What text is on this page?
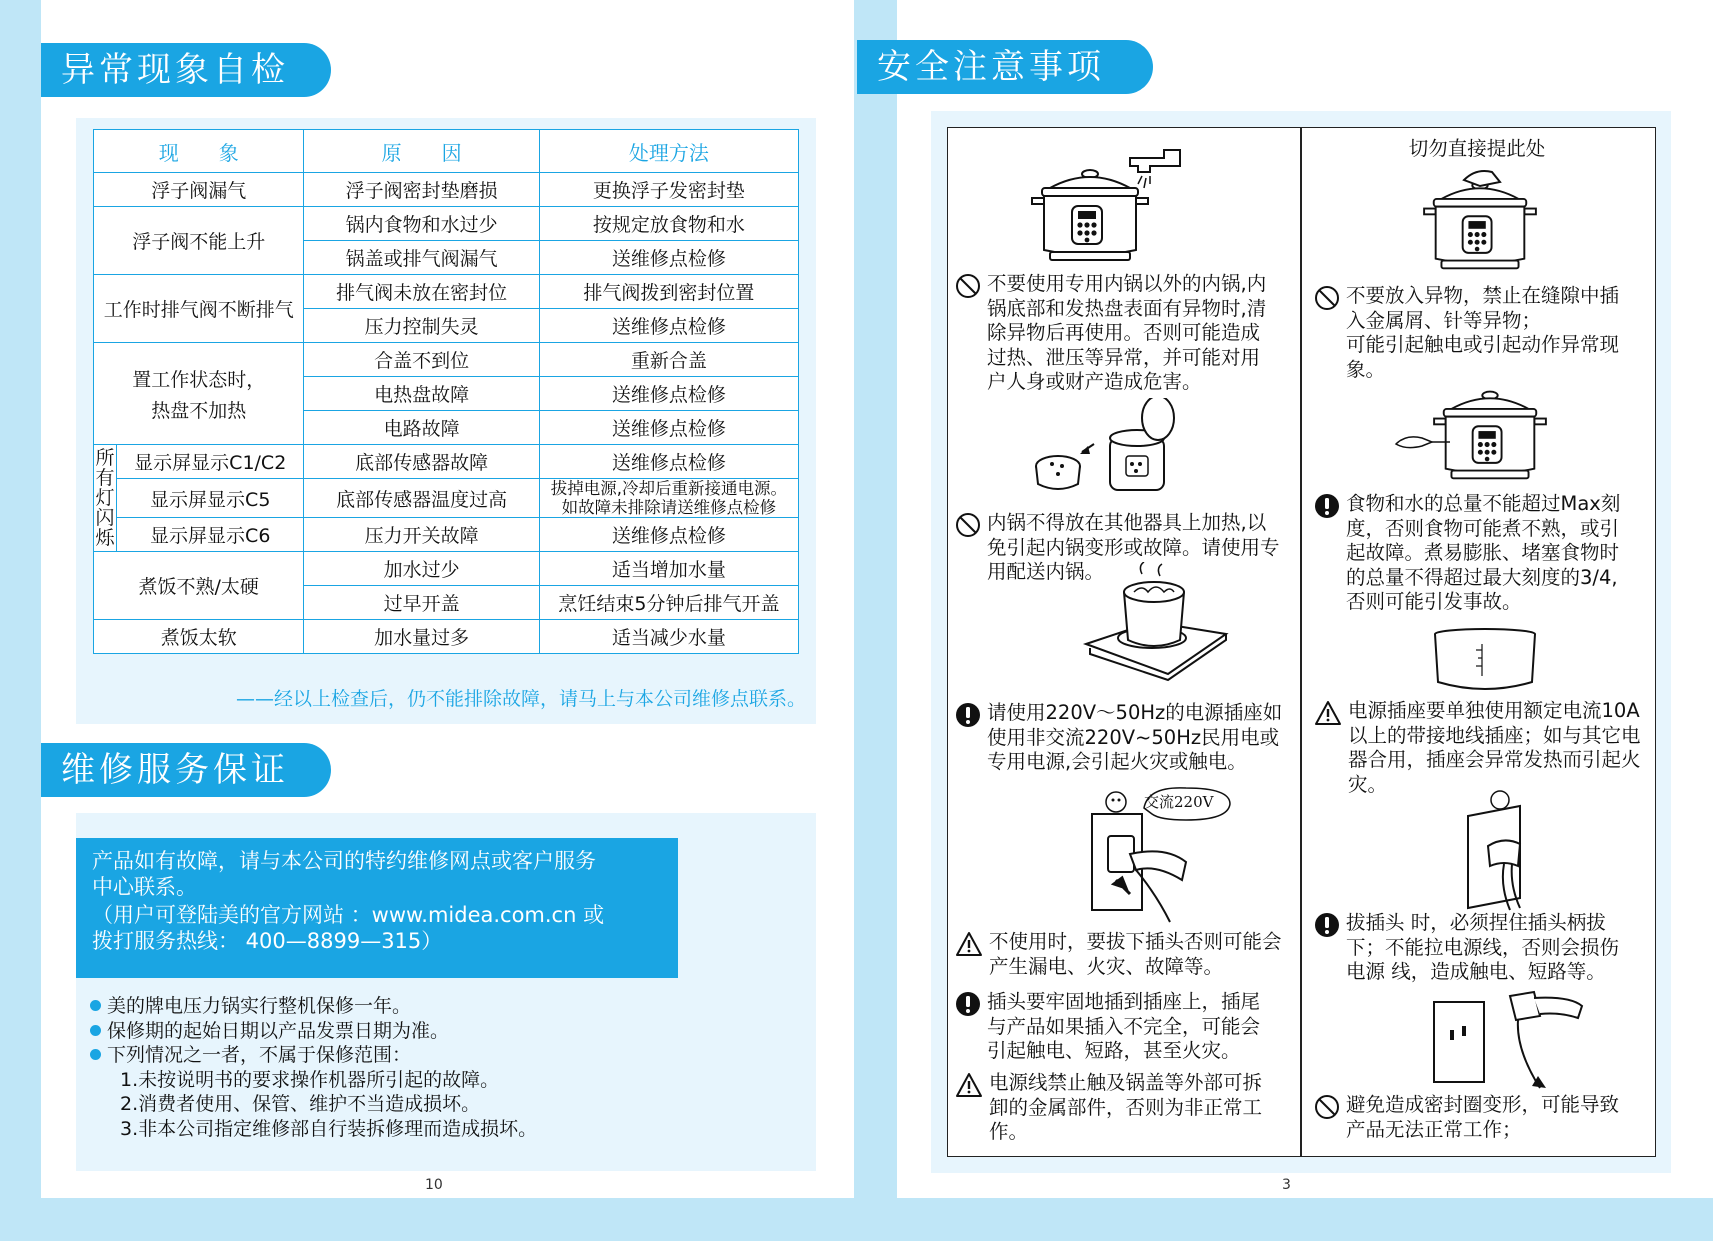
异常现象自检
现　　象		原　　因	处理方法
浮子阀漏气		浮子阀密封垫磨损	更换浮子发密封垫
浮子阀不能上升		锅内食物和水过少	按规定放食物和水
		锅盖或排气阀漏气	送维修点检修
工作时排气阀不断排气		排气阀未放在密封位	排气阀拨到密封位置
		压力控制失灵	送维修点检修

置工作状态时，
热盘不加热		合盖不到位	重新合盖
		电热盘故障	送维修点检修
		电路故障	送维修点检修
所有灯闪烁	显示屏显示C1/C2	底部传感器故障	送维修点检修
	显示屏显示C5	底部传感器温度过高	拔掉电源,冷却后重新接通电源。
如故障未排除请送维修点检修

	显示屏显示C6	压力开关故障	送维修点检修
煮饭不熟/太硬		加水过少	适当增加水量
		过早开盖	烹饪结束5分钟后排气开盖
煮饭太软		加水量过多	适当减少水量
——经以上检查后，仍不能排除故障，请马上与本公司维修点联系。
维修服务保证
产品如有故障，请与本公司的特约维修网点或客户服务
中心联系。
（用户可登陆美的官方网站 ：www.midea.com.cn 或
拨打服务热线： 400—8899—315）
美的牌电压力锅实行整机保修一年。
保修期的起始日期以产品发票日期为准。
下列情况之一者，不属于保修范围：
1.未按说明书的要求操作机器所引起的故障。
2.消费者使用、保管、维护不当造成损坏。
3.非本公司指定维修部自行装拆修理而造成损坏。
10
安全注意事项
交流220V
不要使用专用内锅以外的内锅,内
锅底部和发热盘表面有异物时,清
除异物后再使用。否则可能造成
过热、泄压等异常，并可能对用
户人身或财产造成危害。
内锅不得放在其他器具上加热,以
免引起内锅变形或故障。请使用专
用配送内锅。
请使用220V～50Hz的电源插座如
使用非交流220V~50Hz民用电或
专用电源,会引起火灾或触电。
不使用时，要拔下插头否则可能会
产生漏电、火灾、故障等。
插头要牢固地插到插座上，插尾
与产品如果插入不完全，可能会
引起触电、短路，甚至火灾。
电源线禁止触及锅盖等外部可拆
卸的金属部件，否则为非正常工
作。
切勿直接提此处
不要放入异物，禁止在缝隙中插
入金属屑、针等异物；
可能引起触电或引起动作异常现
象。
食物和水的总量不能超过Max刻
度，否则食物可能煮不熟，或引
起故障。煮易膨胀、堵塞食物时
的总量不得超过最大刻度的3/4,
否则可能引发事故。
电源插座要单独使用额定电流10A
以上的带接地线插座；如与其它电
器合用，插座会异常发热而引起火
灾。
拔插头 时，必须捏住插头柄拔
下；不能拉电源线，否则会损伤
电源 线，造成触电、短路等。
避免造成密封圈变形，可能导致
产品无法正常工作；
3
